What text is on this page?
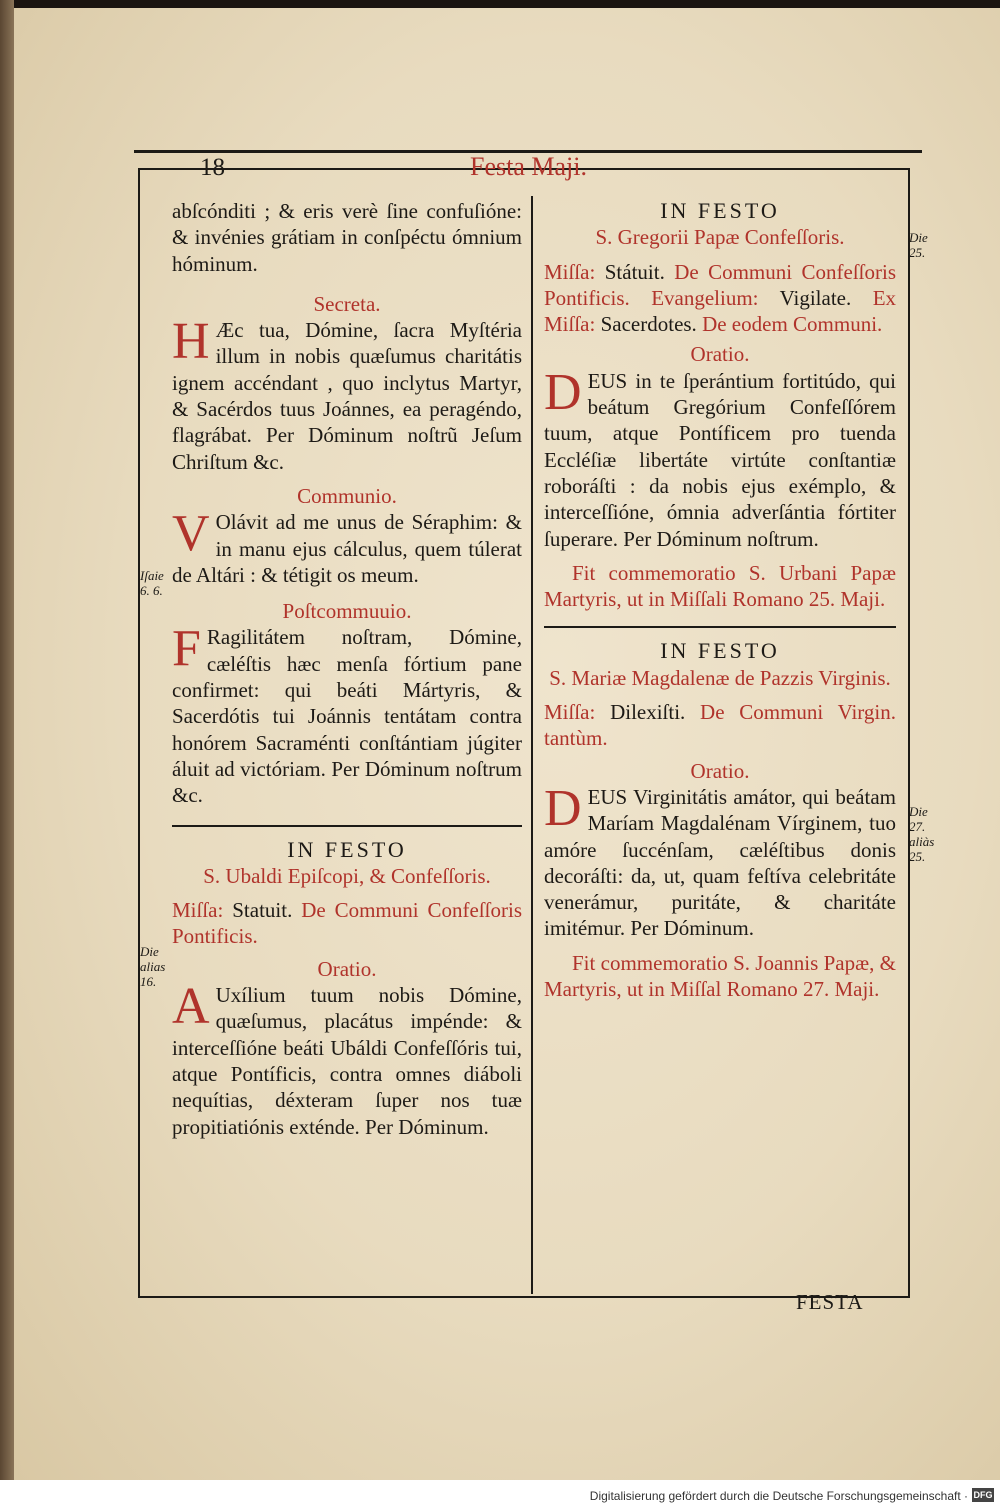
18	Festa Maji.

abſcónditi ; & eris verè ſine confuſióne: & invénies grátiam in conſpéctu ómnium hóminum.

Secreta.

H Æc tua, Dómine, ſacra Myſtéria illum in nobis quæſumus charitátis ignem accéndant , quo inclytus Martyr, & Sacérdos tuus Joánnes, ea peragéndo, flagrábat. Per Dóminum noſtrũ Jeſum Chriſtum &c.

Communio.

V Olávit ad me unus de Séraphim: & in manu ejus cálculus, quem túlerat de Altári : & tétigit os meum.

Poſtcommuuio.

F Ragilitátem noſtram, Dómine, cæléſtis hæc menſa fórtium pane confirmet: qui beáti Mártyris, & Sacerdótis tui Joánnis tentátam contra honórem Sacraménti conſtántiam júgiter áluit ad victóriam. Per Dóminum noſtrum &c.

IN FESTO

S. Ubaldi Epiſcopi, & Confeſſoris.

Miſſa: Statuit. De Communi Confeſſoris Pontificis.

Oratio.

A Uxílium tuum nobis Dómine, quæſumus, placátus impénde: & interceſſióne beáti Ubáldi Confeſſóris tui, atque Pontíficis, contra omnes diáboli nequítias, déxteram ſuper nos tuæ propitiatiónis exténde. Per Dóminum.

IN FESTO

S. Gregorii Papæ Confeſſoris.

Miſſa: Státuit. De Communi Confeſſoris Pontificis. Evangelium: Vigilate. Ex Miſſa: Sacerdotes. De eodem Communi.

Oratio.

DEUS in te ſperántium fortitúdo, qui beátum Gregórium Confeſſórem tuum, atque Pontíficem pro tuenda Eccléſiæ libertáte virtúte conſtantiæ roboráſti : da nobis ejus exémplo, & interceſſióne, ómnia adverſántia fórtiter ſuperare. Per Dóminum noſtrum.

Fit commemoratio S. Urbani Papæ Martyris, ut in Miſſali Romano 25. Maji.

IN FESTO

S. Mariæ Magdalenæ de Pazzis Virginis.

Miſſa: Dilexiſti. De Communi Virgin. tantùm.

Oratio.

DEUS Virginitátis amátor, qui beátam Maríam Magdalénam Vírginem, tuo amóre ſuccénſam, cæléſtibus donis decoráſti: da, ut, quam feſtíva celebritáte venerámur, puritáte, & charitáte imitémur. Per Dóminum.

Fit commemoratio S. Joannis Papæ, & Martyris, ut in Miſſal Romano 27. Maji.

Iſaie 6. 6.
Die alias 16.
Die 25.
Die 27. aliàs 25.
FESTA
Digitalisierung gefördert durch die Deutsche Forschungsgemeinschaft · DFG
